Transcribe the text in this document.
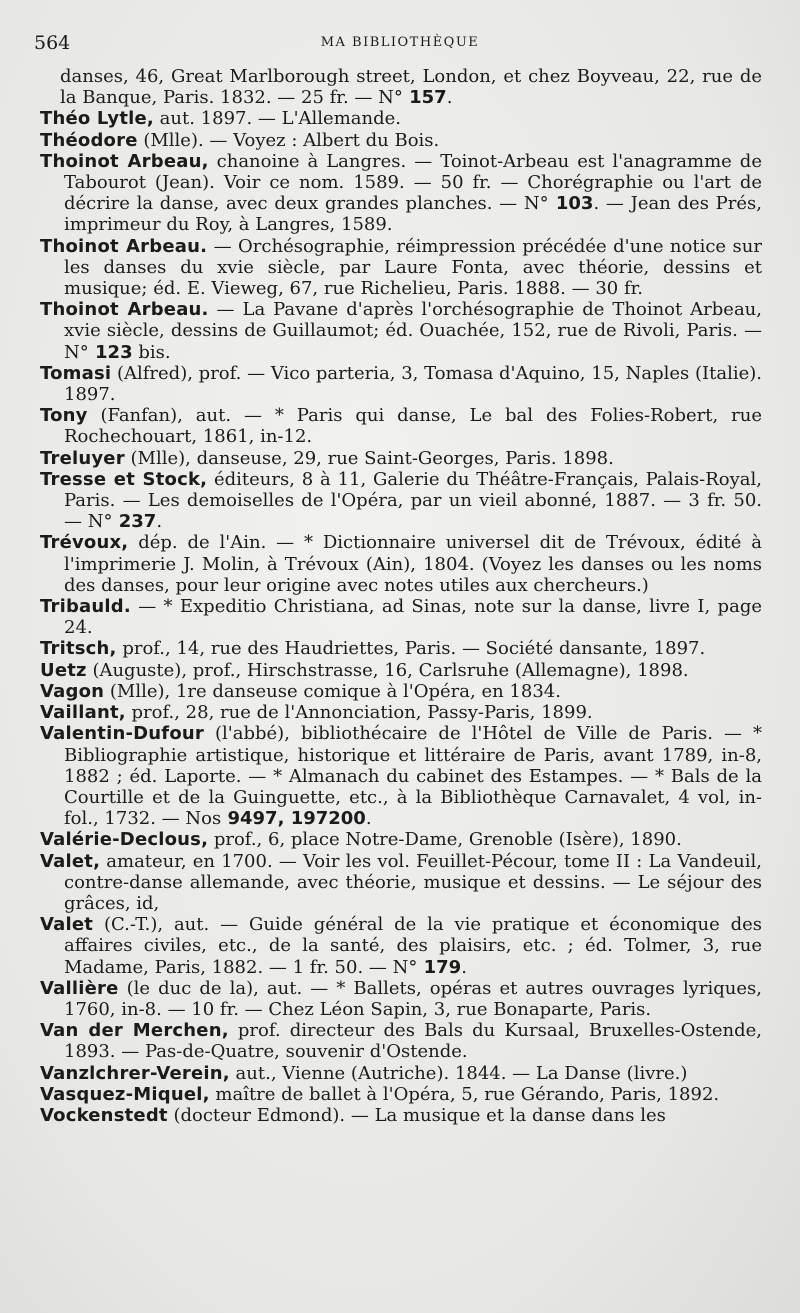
564	MA BIBLIOTHÈQUE
danses, 46, Great Marlborough street, London, et chez Boyveau, 22, rue de la Banque, Paris. 1832. — 25 fr. — N° 157.
Théo Lytle, aut. 1897. — L'Allemande.
Théodore (Mlle). — Voyez : Albert du Bois.
Thoinot Arbeau, chanoine à Langres. — Toinot-Arbeau est l'anagramme de Tabourot (Jean). Voir ce nom. 1589. — 50 fr. — Chorégraphie ou l'art de décrire la danse, avec deux grandes planches. — N° 103. — Jean des Prés, imprimeur du Roy, à Langres, 1589.
Thoinot Arbeau. — Orchésographie, réimpression précédée d'une notice sur les danses du xvie siècle, par Laure Fonta, avec théorie, dessins et musique; éd. E. Vieweg, 67, rue Richelieu, Paris. 1888. — 30 fr.
Thoinot Arbeau. — La Pavane d'après l'orchésographie de Thoinot Arbeau, xvie siècle, dessins de Guillaumot; éd. Ouachée, 152, rue de Rivoli, Paris. — N° 123 bis.
Tomasi (Alfred), prof. — Vico parteria, 3, Tomasa d'Aquino, 15, Naples (Italie). 1897.
Tony (Fanfan), aut. — * Paris qui danse, Le bal des Folies-Robert, rue Rochechouart, 1861, in-12.
Treluyer (Mlle), danseuse, 29, rue Saint-Georges, Paris. 1898.
Tresse et Stock, éditeurs, 8 à 11, Galerie du Théâtre-Français, Palais-Royal, Paris. — Les demoiselles de l'Opéra, par un vieil abonné, 1887. — 3 fr. 50. — N° 237.
Trévoux, dép. de l'Ain. — * Dictionnaire universel dit de Trévoux, édité à l'imprimerie J. Molin, à Trévoux (Ain), 1804. (Voyez les danses ou les noms des danses, pour leur origine avec notes utiles aux chercheurs.)
Tribauld. — * Expeditio Christiana, ad Sinas, note sur la danse, livre I, page 24.
Tritsch, prof., 14, rue des Haudriettes, Paris. — Société dansante, 1897.
Uetz (Auguste), prof., Hirschstrasse, 16, Carlsruhe (Allemagne), 1898.
Vagon (Mlle), 1re danseuse comique à l'Opéra, en 1834.
Vaillant, prof., 28, rue de l'Annonciation, Passy-Paris, 1899.
Valentin-Dufour (l'abbé), bibliothécaire de l'Hôtel de Ville de Paris. — * Bibliographie artistique, historique et littéraire de Paris, avant 1789, in-8, 1882 ; éd. Laporte. — * Almanach du cabinet des Estampes. — * Bals de la Courtille et de la Guinguette, etc., à la Bibliothèque Carnavalet, 4 vol, in-fol., 1732. — Nos 9497, 197200.
Valérie-Declous, prof., 6, place Notre-Dame, Grenoble (Isère), 1890.
Valet, amateur, en 1700. — Voir les vol. Feuillet-Pécour, tome II : La Vandeuil, contre-danse allemande, avec théorie, musique et dessins. — Le séjour des grâces, id,
Valet (C.-T.), aut. — Guide général de la vie pratique et économique des affaires civiles, etc., de la santé, des plaisirs, etc. ; éd. Tolmer, 3, rue Madame, Paris, 1882. — 1 fr. 50. — N° 179.
Vallière (le duc de la), aut. — * Ballets, opéras et autres ouvrages lyriques, 1760, in-8. — 10 fr. — Chez Léon Sapin, 3, rue Bonaparte, Paris.
Van der Merchen, prof. directeur des Bals du Kursaal, Bruxelles-Ostende, 1893. — Pas-de-Quatre, souvenir d'Ostende.
Vanzlchrer-Verein, aut., Vienne (Autriche). 1844. — La Danse (livre.)
Vasquez-Miquel, maître de ballet à l'Opéra, 5, rue Gérando, Paris, 1892.
Vockenstedt (docteur Edmond). — La musique et la danse dans les
